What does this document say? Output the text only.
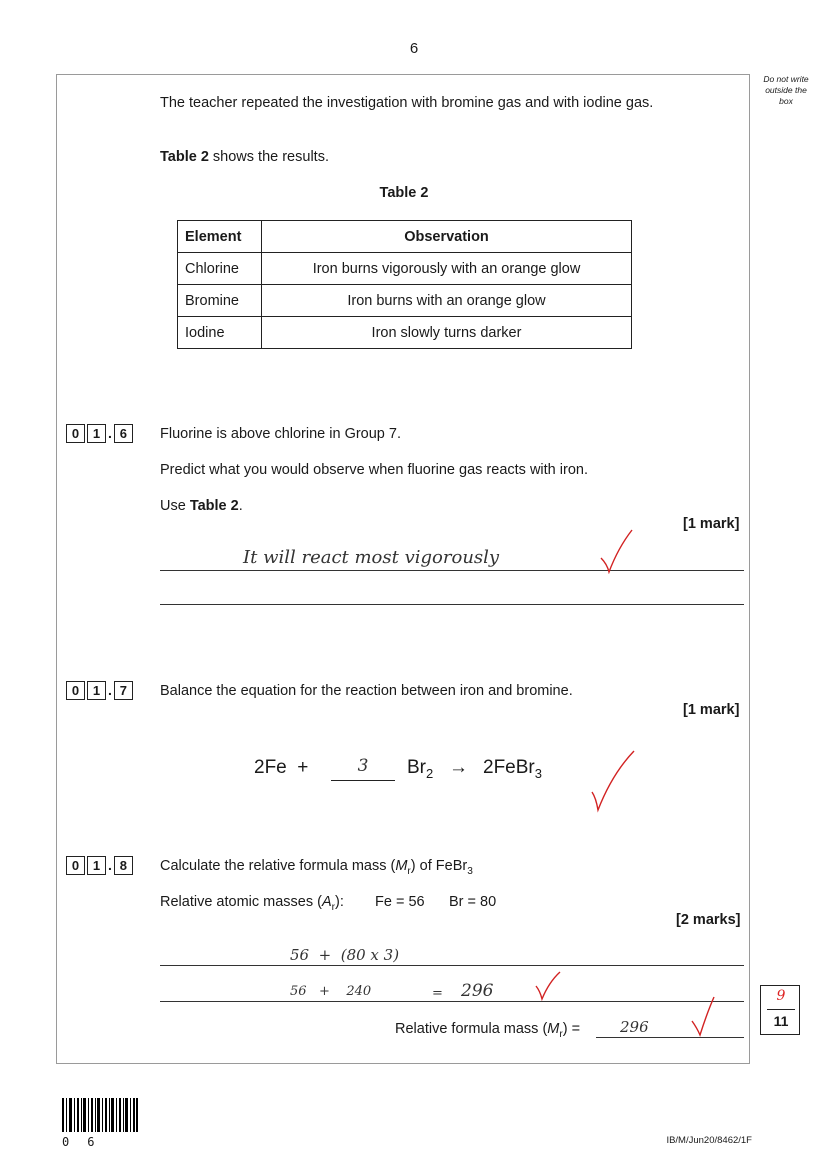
6
Do not write
outside the
box
The teacher repeated the investigation with bromine gas and with iodine gas.
Table 2 shows the results.
Table 2
Element	Observation
Chlorine	Iron burns vigorously with an orange glow
Bromine	Iron burns with an orange glow
Iodine	Iron slowly turns darker
0	1 . 6	Fluorine is above chlorine in Group 7.
Predict what you would observe when fluorine gas reacts with iron.
Use Table 2.
[1 mark]
It will react most vigorously
0	1 . 7	Balance the equation for the reaction between iron and bromine.
[1 mark]
2Fe  +	3	$Br_2$ → 2FeBr$_3$
0	1 . 8	Calculate the relative formula mass $(M_r)$ of FeBr$_3$
Relative atomic masses $(A_r)$: Fe = 56 Br = 80
[2 marks]
56  +  (80 x 3)
56   +    240	= 296
Relative formula mass $(M_r)$ =	296
9
11
06	IB/M/Jun20/8462/1F
